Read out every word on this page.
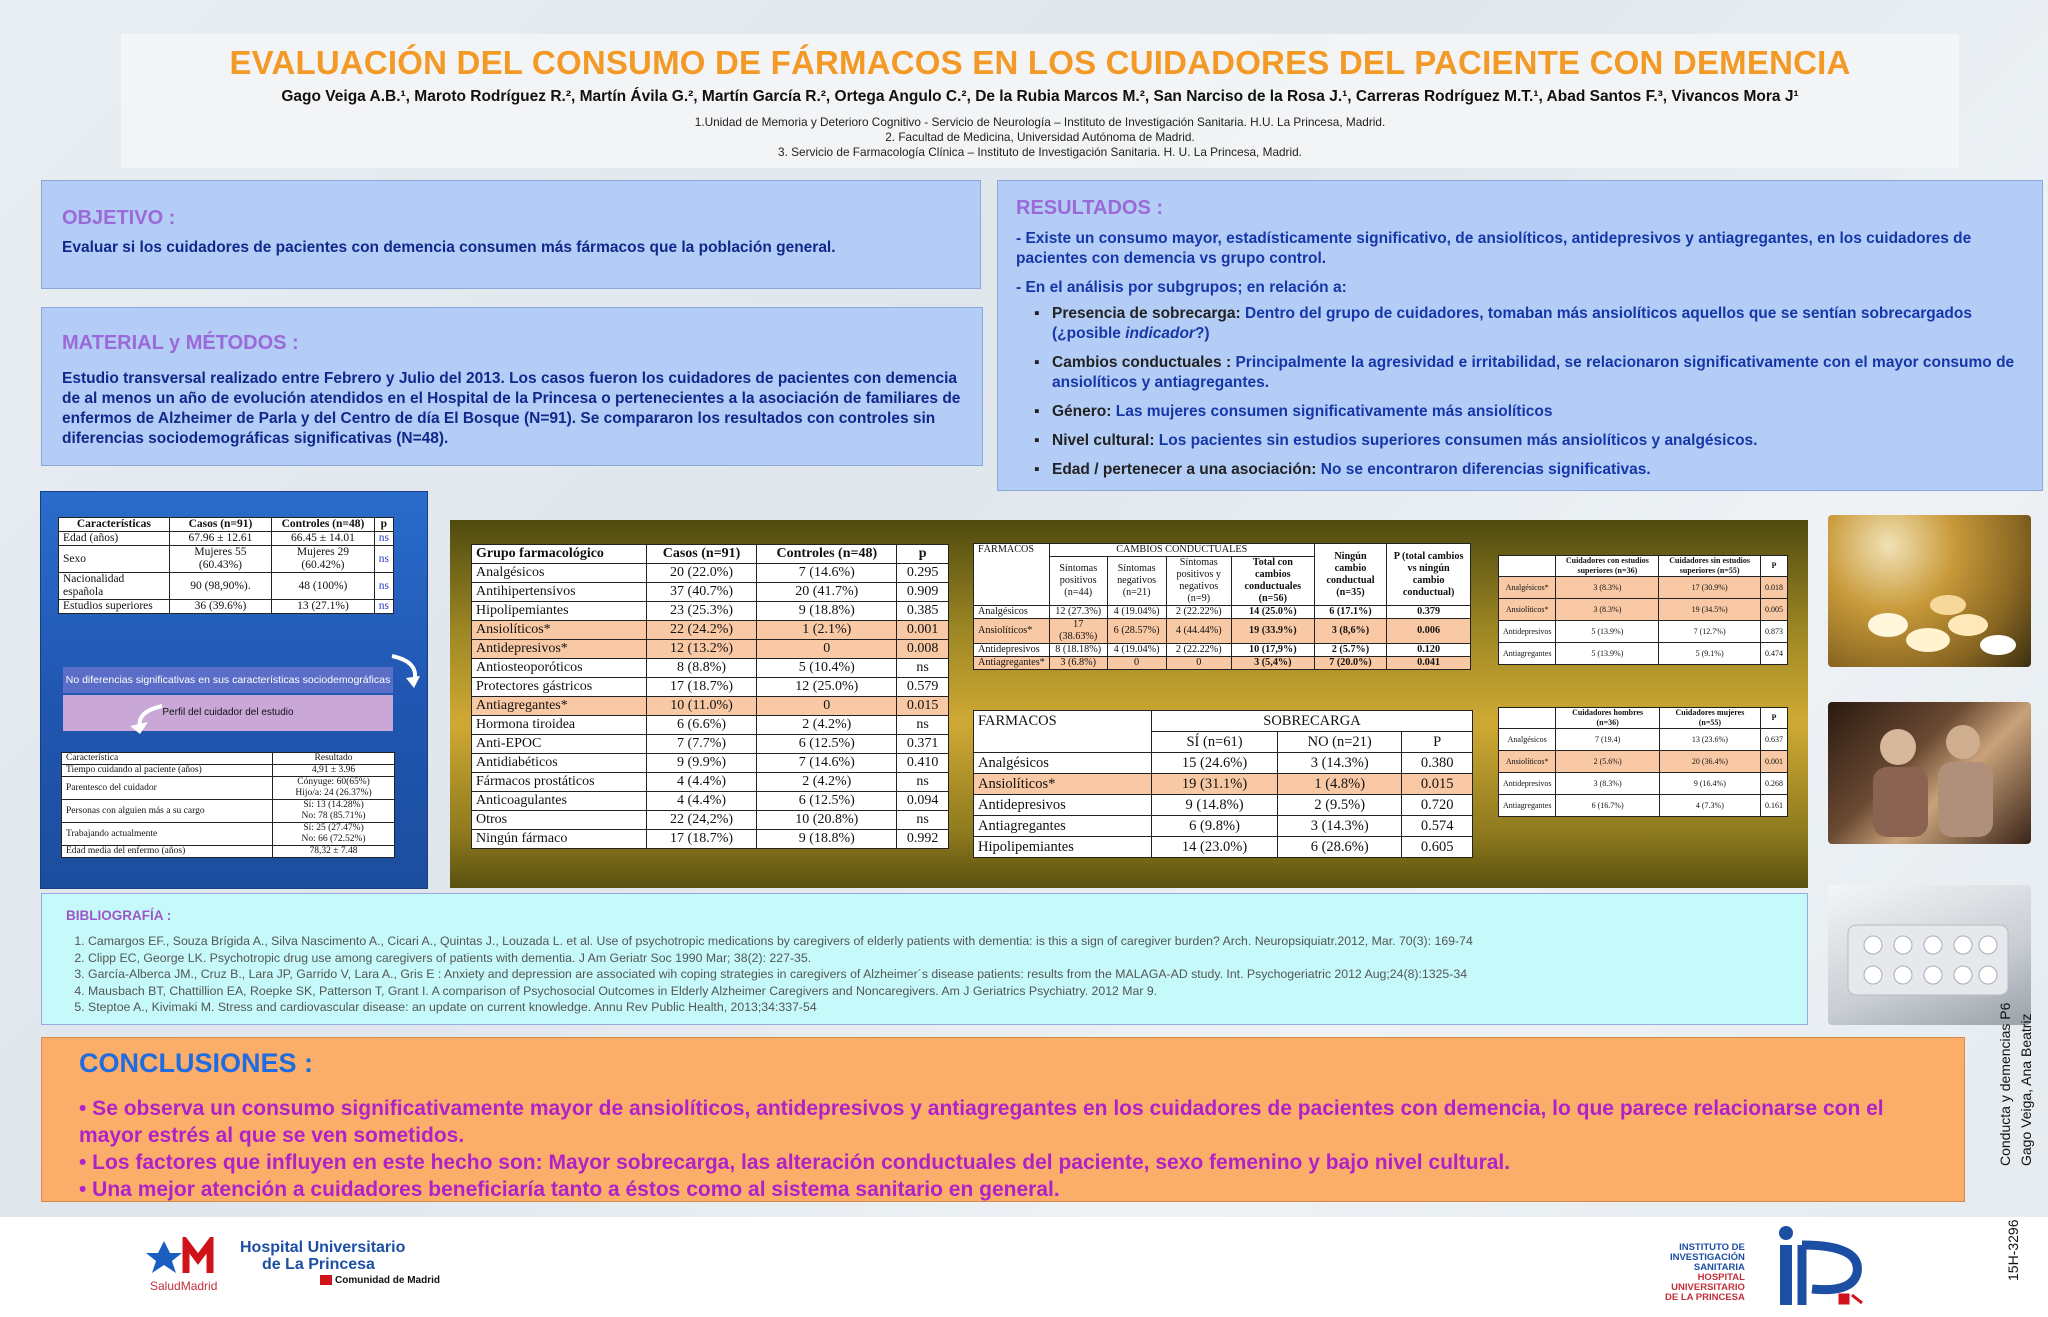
EVALUACIÓN DEL CONSUMO DE FÁRMACOS EN LOS CUIDADORES DEL PACIENTE CON DEMENCIA
Gago Veiga A.B.¹, Maroto Rodríguez R.², Martín Ávila G.², Martín García R.², Ortega Angulo C.², De la Rubia Marcos M.², San Narciso de la Rosa J.¹, Carreras Rodríguez M.T.¹, Abad Santos F.³, Vivancos Mora J¹
1.Unidad de Memoria y Deterioro Cognitivo - Servicio de Neurología – Instituto de Investigación Sanitaria. H.U. La Princesa, Madrid.
2. Facultad de Medicina, Universidad Autónoma de Madrid.
3. Servicio de Farmacología Clínica – Instituto de Investigación Sanitaria. H. U. La Princesa, Madrid.
OBJETIVO :
Evaluar si los cuidadores de pacientes con demencia consumen más fármacos que la población general.
MATERIAL y MÉTODOS :
Estudio transversal realizado entre Febrero y Julio del 2013. Los casos fueron los cuidadores de pacientes con demencia de al menos un año de evolución atendidos en el Hospital de la Princesa o pertenecientes a la asociación de familiares de enfermos de Alzheimer de Parla y del Centro de día El Bosque (N=91). Se compararon los resultados con controles sin diferencias sociodemográficas significativas (N=48).
RESULTADOS :
- Existe un consumo mayor, estadísticamente significativo, de ansiolíticos, antidepresivos y antiagregantes, en los cuidadores de pacientes con demencia vs grupo control.
- En el análisis por subgrupos; en relación a:
▪ Presencia de sobrecarga: Dentro del grupo de cuidadores, tomaban más ansiolíticos aquellos que se sentían sobrecargados (¿posible indicador?)
▪ Cambios conductuales : Principalmente la agresividad e irritabilidad, se relacionaron significativamente con el mayor consumo de ansiolíticos y antiagregantes.
▪ Género: Las mujeres consumen significativamente más ansiolíticos
▪ Nivel cultural: Los pacientes sin estudios superiores consumen más ansiolíticos y analgésicos.
▪ Edad / pertenecer a una asociación: No se encontraron diferencias significativas.
Características	Casos (n=91)	Controles (n=48)	p
Edad (años)	67.96 ± 12.61	66.45 ± 14.01	ns
Sexo	Mujeres 55 (60.43%)	Mujeres 29 (60.42%)	ns
Nacionalidad española	90 (98,90%).	48 (100%)	ns
Estudios superiores	36 (39.6%)	13 (27.1%)	ns
No diferencias significativas en sus características sociodemográficas
Perfil del cuidador del estudio
Característica	Resultado
Tiempo cuidando al paciente (años)	4,91 ± 3.96
Parentesco del cuidador	Cónyuge: 60(65%)
Hijo/a: 24 (26.37%)
Personas con alguien más a su cargo	Sí: 13 (14.28%)
No: 78 (85.71%)
Trabajando actualmente	Sí: 25 (27.47%)
No: 66 (72.52%)
Edad media del enfermo (años)	78,32 ± 7.48
Grupo farmacológico	Casos (n=91)	Controles (n=48)	p
Analgésicos	20 (22.0%)	7 (14.6%)	0.295
Antihipertensivos	37 (40.7%)	20 (41.7%)	0.909
Hipolipemiantes	23 (25.3%)	9 (18.8%)	0.385
Ansiolíticos*	22 (24.2%)	1 (2.1%)	0.001
Antidepresivos*	12 (13.2%)	0	0.008
Antiosteoporóticos	8 (8.8%)	5 (10.4%)	ns
Protectores gástricos	17 (18.7%)	12 (25.0%)	0.579
Antiagregantes*	10 (11.0%)	0	0.015
Hormona tiroidea	6 (6.6%)	2 (4.2%)	ns
Anti-EPOC	7 (7.7%)	6 (12.5%)	0.371
Antidiabéticos	9 (9.9%)	7 (14.6%)	0.410
Fármacos prostáticos	4 (4.4%)	2 (4.2%)	ns
Anticoagulantes	4 (4.4%)	6 (12.5%)	0.094
Otros	22 (24,2%)	10 (20.8%)	ns
Ningún fármaco	17 (18.7%)	9 (18.8%)	0.992
FÁRMACOS	CAMBIOS CONDUCTUALES				Ningún cambio conductual (n=35)	P (total cambios vs ningún cambio conductual)
	Síntomas positivos (n=44)	Síntomas negativos (n=21)	Síntomas positivos y negativos (n=9)	Total con cambios conductuales (n=56)		
Analgésicos	12 (27.3%)	4 (19.04%)	2 (22.22%)	14 (25.0%)	6 (17.1%)	0.379
Ansiolíticos*	17 (38.63%)	6 (28.57%)	4 (44.44%)	19 (33.9%)	3 (8,6%)	0.006
Antidepresivos	8 (18.18%)	4 (19.04%)	2 (22.22%)	10 (17,9%)	2 (5.7%)	0.120
Antiagregantes*	3 (6.8%)	0	0	3 (5,4%)	7 (20.0%)	0.041
FARMACOS	SOBRECARGA		
	SÍ (n=61)	NO (n=21)	P
Analgésicos	15 (24.6%)	3 (14.3%)	0.380
Ansiolíticos*	19 (31.1%)	1 (4.8%)	0.015
Antidepresivos	9 (14.8%)	2 (9.5%)	0.720
Antiagregantes	6 (9.8%)	3 (14.3%)	0.574
Hipolipemiantes	14 (23.0%)	6 (28.6%)	0.605
	Cuidadores con estudios superiores (n=36)	Cuidadores sin estudios superiores (n=55)	P
Analgésicos*	3 (8.3%)	17 (30.9%)	0.018
Ansiolíticos*	3 (8.3%)	19 (34.5%)	0.005
Antidepresivos	5 (13.9%)	7 (12.7%)	0.873
Antiagregantes	5 (13.9%)	5 (9.1%)	0.474
	Cuidadores hombres (n=36)	Cuidadores mujeres (n=55)	P
Analgésicos	7 (19.4)	13 (23.6%)	0.637
Ansiolíticos*	2 (5.6%)	20 (36.4%)	0.001
Antidepresivos	3 (8.3%)	9 (16.4%)	0.268
Antiagregantes	6 (16.7%)	4 (7.3%)	0.161
BIBLIOGRAFÍA :
1. Camargos EF., Souza Brígida A., Silva Nascimento A., Cicari A., Quintas J., Louzada L. et al. Use of psychotropic medications by caregivers of elderly patients with dementia: is this a sign of caregiver burden? Arch. Neuropsiquiatr.2012, Mar. 70(3): 169-74
2. Clipp EC, George LK. Psychotropic drug use among caregivers of patients with dementia. J Am Geriatr Soc 1990 Mar; 38(2): 227-35.
3. García-Alberca JM., Cruz B., Lara JP, Garrido V, Lara A., Gris E : Anxiety and depression are associated wih coping strategies in caregivers of Alzheimer´s disease patients: results from the MALAGA-AD study. Int. Psychogeriatric 2012 Aug;24(8):1325-34
4. Mausbach BT, Chattillion EA, Roepke SK, Patterson T, Grant I. A comparison of Psychosocial Outcomes in Elderly Alzheimer Caregivers and Noncaregivers. Am J Geriatrics Psychiatry. 2012 Mar 9.
5. Steptoe A., Kivimaki M. Stress and cardiovascular disease: an update on current knowledge. Annu Rev Public Health, 2013;34:337-54
CONCLUSIONES :
• Se observa un consumo significativamente mayor de ansiolíticos, antidepresivos y antiagregantes en los cuidadores de pacientes con demencia, lo que parece relacionarse con el mayor estrés al que se ven sometidos.
• Los factores que influyen en este hecho son: Mayor sobrecarga, las alteración conductuales del paciente, sexo femenino y bajo nivel cultural.
• Una mejor atención a cuidadores beneficiaría tanto a éstos como al sistema sanitario en general.
Conducta y demencias P6 Gago Veiga, Ana Beatriz
Hospital Universitario
de La Princesa
SaludMadrid	Comunidad de Madrid
INSTITUTO DE
INVESTIGACIÓN
SANITARIA
HOSPITAL
UNIVERSITARIO
DE LA PRINCESA
15H-3296
